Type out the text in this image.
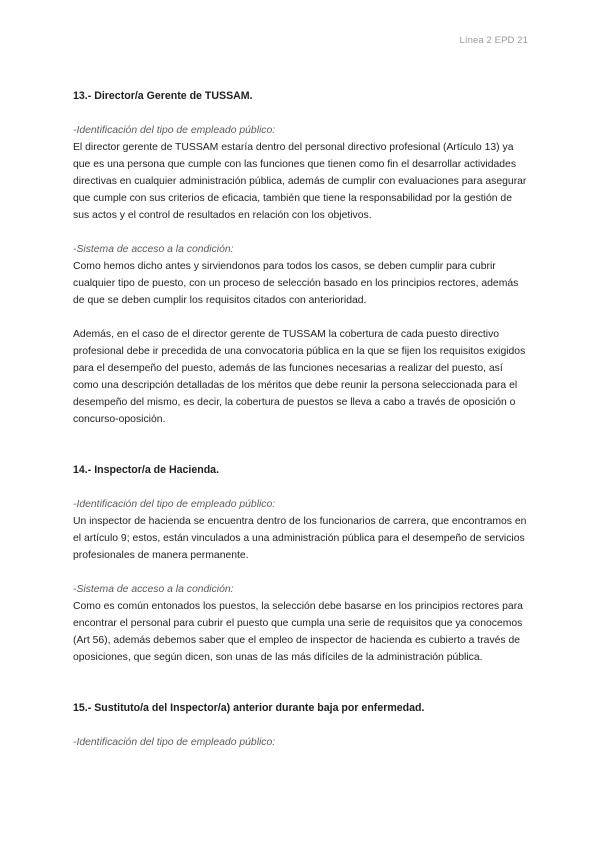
Línea 2 EPD 21

13.- Director/a Gerente de TUSSAM.

-Identificación del tipo de empleado público:

El director gerente de TUSSAM estaría dentro del personal directivo profesional (Artículo 13) ya que es una persona que cumple con las funciones que tienen como fin el desarrollar actividades directivas en cualquier administración pública, además de cumplir con evaluaciones para asegurar que cumple con sus criterios de eficacia, también que tiene la responsabilidad por la gestión de sus actos y el control de resultados en relación con los objetivos.

-Sistema de acceso a la condición:

Como hemos dicho antes y sirviendonos para todos los casos, se deben cumplir para cubrir cualquier tipo de puesto, con un proceso de selección basado en los principios rectores, además de que se deben cumplir los requisitos citados con anterioridad.

Además, en el caso de el director gerente de TUSSAM la cobertura de cada puesto directivo profesional debe ir precedida de una convocatoria pública en la que se fijen los requisitos exigidos para el desempeño del puesto, además de las funciones necesarias a realizar del puesto, así como una descripción detalladas de los méritos que debe reunir la persona seleccionada para el desempeño del mismo, es decir, la cobertura de puestos se lleva a cabo a través de oposición o concurso-oposición.

14.- Inspector/a de Hacienda.

-Identificación del tipo de empleado público:

Un inspector de hacienda se encuentra dentro de los funcionarios de carrera, que encontramos en el artículo 9; estos, están vinculados a una administración pública para el desempeño de servicios profesionales de manera permanente.

-Sistema de acceso a la condición:

Como es común entonados los puestos, la selección debe basarse en los principios rectores para encontrar el personal para cubrir el puesto que cumpla una serie de requisitos que ya conocemos (Art 56), además debemos saber que el empleo de inspector de hacienda es cubierto a través de oposiciones, que según dicen, son unas de las más difíciles de la administración pública.

15.- Sustituto/a del Inspector/a) anterior durante baja por enfermedad.

-Identificación del tipo de empleado público:
